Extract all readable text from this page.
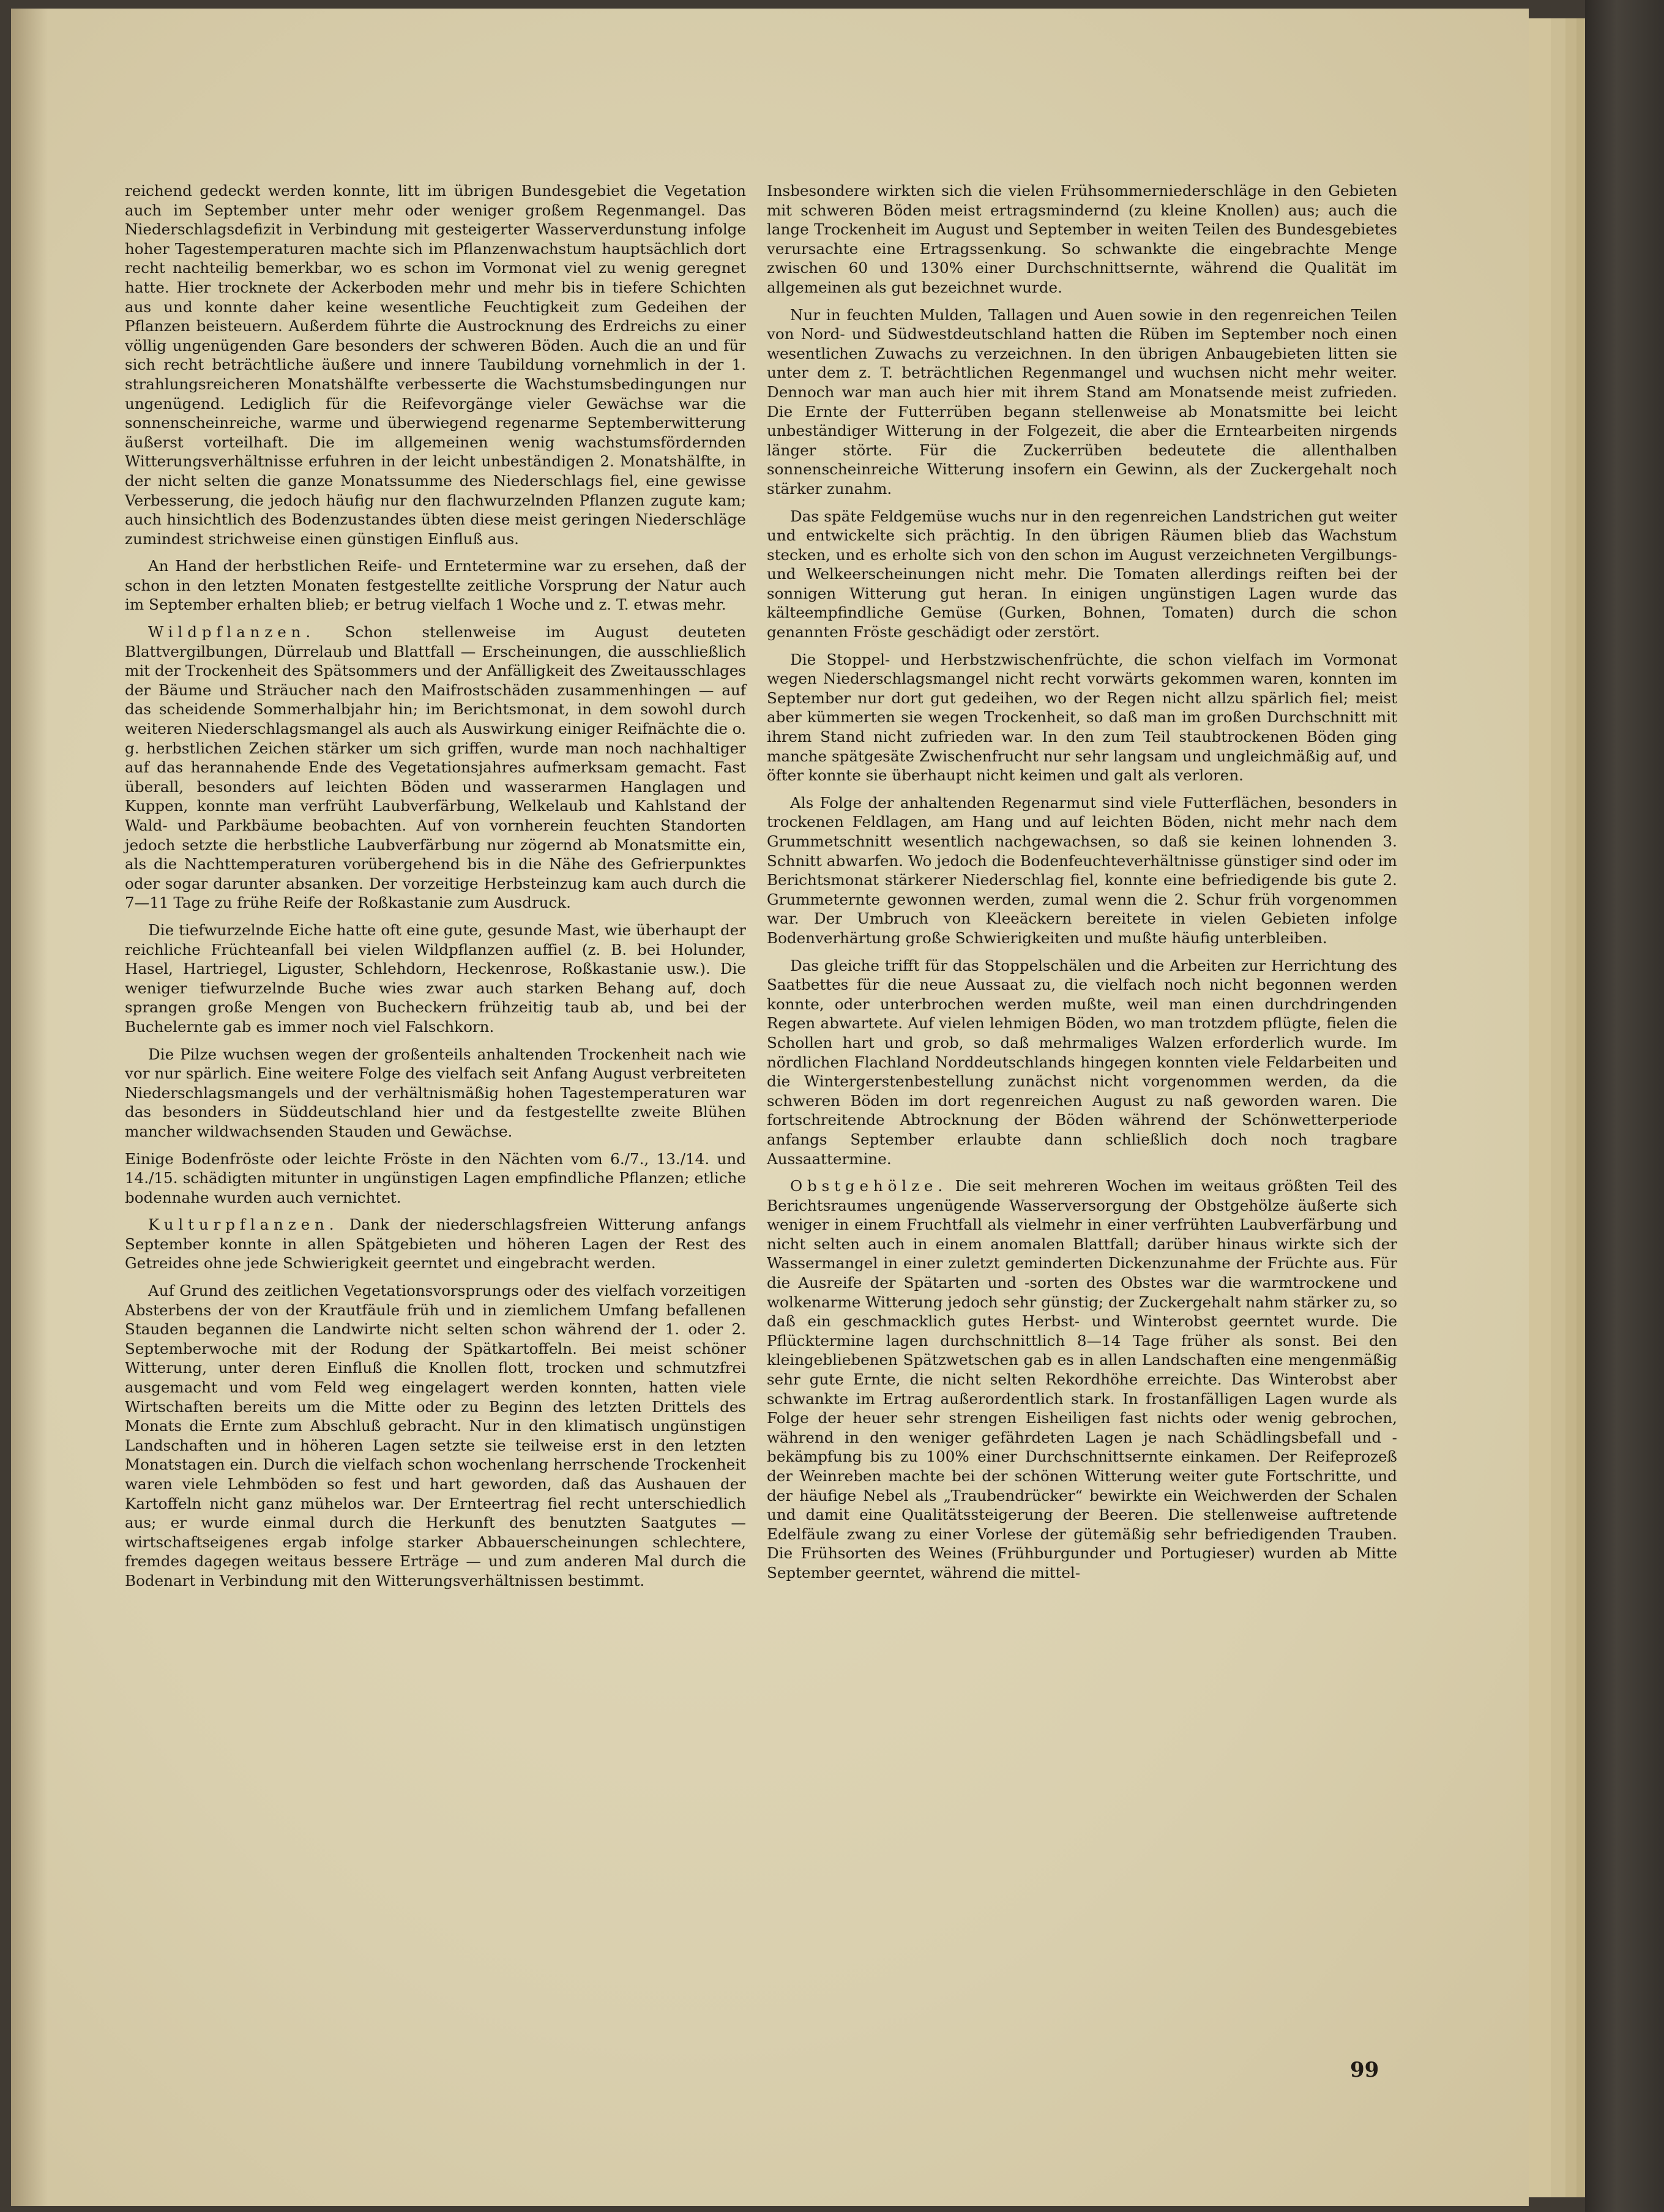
reichend gedeckt werden konnte, litt im übrigen Bundesgebiet die Vegetation auch im September unter mehr oder weniger großem Regenmangel. Das Niederschlagsdefizit in Verbindung mit gesteigerter Wasserverdunstung infolge hoher Tagestemperaturen machte sich im Pflanzenwachstum hauptsächlich dort recht nachteilig bemerkbar, wo es schon im Vormonat viel zu wenig geregnet hatte. Hier trocknete der Ackerboden mehr und mehr bis in tiefere Schichten aus und konnte daher keine wesentliche Feuchtigkeit zum Gedeihen der Pflanzen beisteuern. Außerdem führte die Austrocknung des Erdreichs zu einer völlig ungenügenden Gare besonders der schweren Böden. Auch die an und für sich recht beträchtliche äußere und innere Taubildung vornehmlich in der 1. strahlungsreicheren Monatshälfte verbesserte die Wachstumsbedingungen nur ungenügend. Lediglich für die Reifevorgänge vieler Gewächse war die sonnenscheinreiche, warme und überwiegend regenarme Septemberwitterung äußerst vorteilhaft. Die im allgemeinen wenig wachstumsfördernden Witterungsverhältnisse erfuhren in der leicht unbeständigen 2. Monatshälfte, in der nicht selten die ganze Monatssumme des Niederschlags fiel, eine gewisse Verbesserung, die jedoch häufig nur den flachwurzelnden Pflanzen zugute kam; auch hinsichtlich des Bodenzustandes übten diese meist geringen Niederschläge zumindest strichweise einen günstigen Einfluß aus.

An Hand der herbstlichen Reife- und Erntetermine war zu ersehen, daß der schon in den letzten Monaten festgestellte zeitliche Vorsprung der Natur auch im September erhalten blieb; er betrug vielfach 1 Woche und z. T. etwas mehr.

Wildpflanzen. Schon stellenweise im August deuteten Blattvergilbungen, Dürrelaub und Blattfall — Erscheinungen, die ausschließlich mit der Trockenheit des Spätsommers und der Anfälligkeit des Zweitausschlages der Bäume und Sträucher nach den Maifrostschäden zusammenhingen — auf das scheidende Sommerhalbjahr hin; im Berichtsmonat, in dem sowohl durch weiteren Niederschlagsmangel als auch als Auswirkung einiger Reifnächte die o. g. herbstlichen Zeichen stärker um sich griffen, wurde man noch nachhaltiger auf das herannahende Ende des Vegetationsjahres aufmerksam gemacht. Fast überall, besonders auf leichten Böden und wasserarmen Hanglagen und Kuppen, konnte man verfrüht Laubverfärbung, Welkelaub und Kahlstand der Wald- und Parkbäume beobachten. Auf von vornherein feuchten Standorten jedoch setzte die herbstliche Laubverfärbung nur zögernd ab Monatsmitte ein, als die Nachttemperaturen vorübergehend bis in die Nähe des Gefrierpunktes oder sogar darunter absanken. Der vorzeitige Herbsteinzug kam auch durch die 7—11 Tage zu frühe Reife der Roßkastanie zum Ausdruck.

Die tiefwurzelnde Eiche hatte oft eine gute, gesunde Mast, wie überhaupt der reichliche Früchteanfall bei vielen Wildpflanzen auffiel (z. B. bei Holunder, Hasel, Hartriegel, Liguster, Schlehdorn, Heckenrose, Roßkastanie usw.). Die weniger tiefwurzelnde Buche wies zwar auch starken Behang auf, doch sprangen große Mengen von Bucheckern frühzeitig taub ab, und bei der Buchelernte gab es immer noch viel Falschkorn.

Die Pilze wuchsen wegen der großenteils anhaltenden Trockenheit nach wie vor nur spärlich. Eine weitere Folge des vielfach seit Anfang August verbreiteten Niederschlagsmangels und der verhältnismäßig hohen Tagestemperaturen war das besonders in Süddeutschland hier und da festgestellte zweite Blühen mancher wildwachsenden Stauden und Gewächse.

Einige Bodenfröste oder leichte Fröste in den Nächten vom 6./7., 13./14. und 14./15. schädigten mitunter in ungünstigen Lagen empfindliche Pflanzen; etliche bodennahe wurden auch vernichtet.

Kulturpflanzen. Dank der niederschlagsfreien Witterung anfangs September konnte in allen Spätgebieten und höheren Lagen der Rest des Getreides ohne jede Schwierigkeit geerntet und eingebracht werden.

Auf Grund des zeitlichen Vegetationsvorsprungs oder des vielfach vorzeitigen Absterbens der von der Krautfäule früh und in ziemlichem Umfang befallenen Stauden begannen die Landwirte nicht selten schon während der 1. oder 2. Septemberwoche mit der Rodung der Spätkartoffeln. Bei meist schöner Witterung, unter deren Einfluß die Knollen flott, trocken und schmutzfrei ausgemacht und vom Feld weg eingelagert werden konnten, hatten viele Wirtschaften bereits um die Mitte oder zu Beginn des letzten Drittels des Monats die Ernte zum Abschluß gebracht. Nur in den klimatisch ungünstigen Landschaften und in höheren Lagen setzte sie teilweise erst in den letzten Monatstagen ein. Durch die vielfach schon wochenlang herrschende Trockenheit waren viele Lehmböden so fest und hart geworden, daß das Aushauen der Kartoffeln nicht ganz mühelos war. Der Ernteertrag fiel recht unterschiedlich aus; er wurde einmal durch die Herkunft des benutzten Saatgutes — wirtschaftseigenes ergab infolge starker Abbauerscheinungen schlechtere, fremdes dagegen weitaus bessere Erträge — und zum anderen Mal durch die Bodenart in Verbindung mit den Witterungsverhältnissen bestimmt.

Insbesondere wirkten sich die vielen Frühsommerniederschläge in den Gebieten mit schweren Böden meist ertragsmindernd (zu kleine Knollen) aus; auch die lange Trockenheit im August und September in weiten Teilen des Bundesgebietes verursachte eine Ertragssenkung. So schwankte die eingebrachte Menge zwischen 60 und 130% einer Durchschnittsernte, während die Qualität im allgemeinen als gut bezeichnet wurde.

Nur in feuchten Mulden, Tallagen und Auen sowie in den regenreichen Teilen von Nord- und Südwestdeutschland hatten die Rüben im September noch einen wesentlichen Zuwachs zu verzeichnen. In den übrigen Anbaugebieten litten sie unter dem z. T. beträchtlichen Regenmangel und wuchsen nicht mehr weiter. Dennoch war man auch hier mit ihrem Stand am Monatsende meist zufrieden. Die Ernte der Futterrüben begann stellenweise ab Monatsmitte bei leicht unbeständiger Witterung in der Folgezeit, die aber die Erntearbeiten nirgends länger störte. Für die Zuckerrüben bedeutete die allenthalben sonnenscheinreiche Witterung insofern ein Gewinn, als der Zuckergehalt noch stärker zunahm.

Das späte Feldgemüse wuchs nur in den regenreichen Landstrichen gut weiter und entwickelte sich prächtig. In den übrigen Räumen blieb das Wachstum stecken, und es erholte sich von den schon im August verzeichneten Vergilbungs- und Welkeerscheinungen nicht mehr. Die Tomaten allerdings reiften bei der sonnigen Witterung gut heran. In einigen ungünstigen Lagen wurde das kälteempfindliche Gemüse (Gurken, Bohnen, Tomaten) durch die schon genannten Fröste geschädigt oder zerstört.

Die Stoppel- und Herbstzwischenfrüchte, die schon vielfach im Vormonat wegen Niederschlagsmangel nicht recht vorwärts gekommen waren, konnten im September nur dort gut gedeihen, wo der Regen nicht allzu spärlich fiel; meist aber kümmerten sie wegen Trockenheit, so daß man im großen Durchschnitt mit ihrem Stand nicht zufrieden war. In den zum Teil staubtrockenen Böden ging manche spätgesäte Zwischenfrucht nur sehr langsam und ungleichmäßig auf, und öfter konnte sie überhaupt nicht keimen und galt als verloren.

Als Folge der anhaltenden Regenarmut sind viele Futterflächen, besonders in trockenen Feldlagen, am Hang und auf leichten Böden, nicht mehr nach dem Grummetschnitt wesentlich nachgewachsen, so daß sie keinen lohnenden 3. Schnitt abwarfen. Wo jedoch die Bodenfeuchteverhältnisse günstiger sind oder im Berichtsmonat stärkerer Niederschlag fiel, konnte eine befriedigende bis gute 2. Grummeternte gewonnen werden, zumal wenn die 2. Schur früh vorgenommen war. Der Umbruch von Kleeäckern bereitete in vielen Gebieten infolge Bodenverhärtung große Schwierigkeiten und mußte häufig unterbleiben.

Das gleiche trifft für das Stoppelschälen und die Arbeiten zur Herrichtung des Saatbettes für die neue Aussaat zu, die vielfach noch nicht begonnen werden konnte, oder unterbrochen werden mußte, weil man einen durchdringenden Regen abwartete. Auf vielen lehmigen Böden, wo man trotzdem pflügte, fielen die Schollen hart und grob, so daß mehrmaliges Walzen erforderlich wurde. Im nördlichen Flachland Norddeutschlands hingegen konnten viele Feldarbeiten und die Wintergerstenbestellung zunächst nicht vorgenommen werden, da die schweren Böden im dort regenreichen August zu naß geworden waren. Die fortschreitende Abtrocknung der Böden während der Schönwetterperiode anfangs September erlaubte dann schließlich doch noch tragbare Aussaattermine.

Obstgehölze. Die seit mehreren Wochen im weitaus größten Teil des Berichtsraumes ungenügende Wasserversorgung der Obstgehölze äußerte sich weniger in einem Fruchtfall als vielmehr in einer verfrühten Laubverfärbung und nicht selten auch in einem anomalen Blattfall; darüber hinaus wirkte sich der Wassermangel in einer zuletzt geminderten Dickenzunahme der Früchte aus. Für die Ausreife der Spätarten und -sorten des Obstes war die warmtrockene und wolkenarme Witterung jedoch sehr günstig; der Zuckergehalt nahm stärker zu, so daß ein geschmacklich gutes Herbst- und Winterobst geerntet wurde. Die Pflücktermine lagen durchschnittlich 8—14 Tage früher als sonst. Bei den kleingebliebenen Spätzwetschen gab es in allen Landschaften eine mengenmäßig sehr gute Ernte, die nicht selten Rekordhöhe erreichte. Das Winterobst aber schwankte im Ertrag außerordentlich stark. In frostanfälligen Lagen wurde als Folge der heuer sehr strengen Eisheiligen fast nichts oder wenig gebrochen, während in den weniger gefährdeten Lagen je nach Schädlingsbefall und -bekämpfung bis zu 100% einer Durchschnittsernte einkamen. Der Reifeprozeß der Weinreben machte bei der schönen Witterung weiter gute Fortschritte, und der häufige Nebel als „Traubendrücker“ bewirkte ein Weichwerden der Schalen und damit eine Qualitätssteigerung der Beeren. Die stellenweise auftretende Edelfäule zwang zu einer Vorlese der gütemäßig sehr befriedigenden Trauben. Die Frühsorten des Weines (Frühburgunder und Portugieser) wurden ab Mitte September geerntet, während die mittel-

99
